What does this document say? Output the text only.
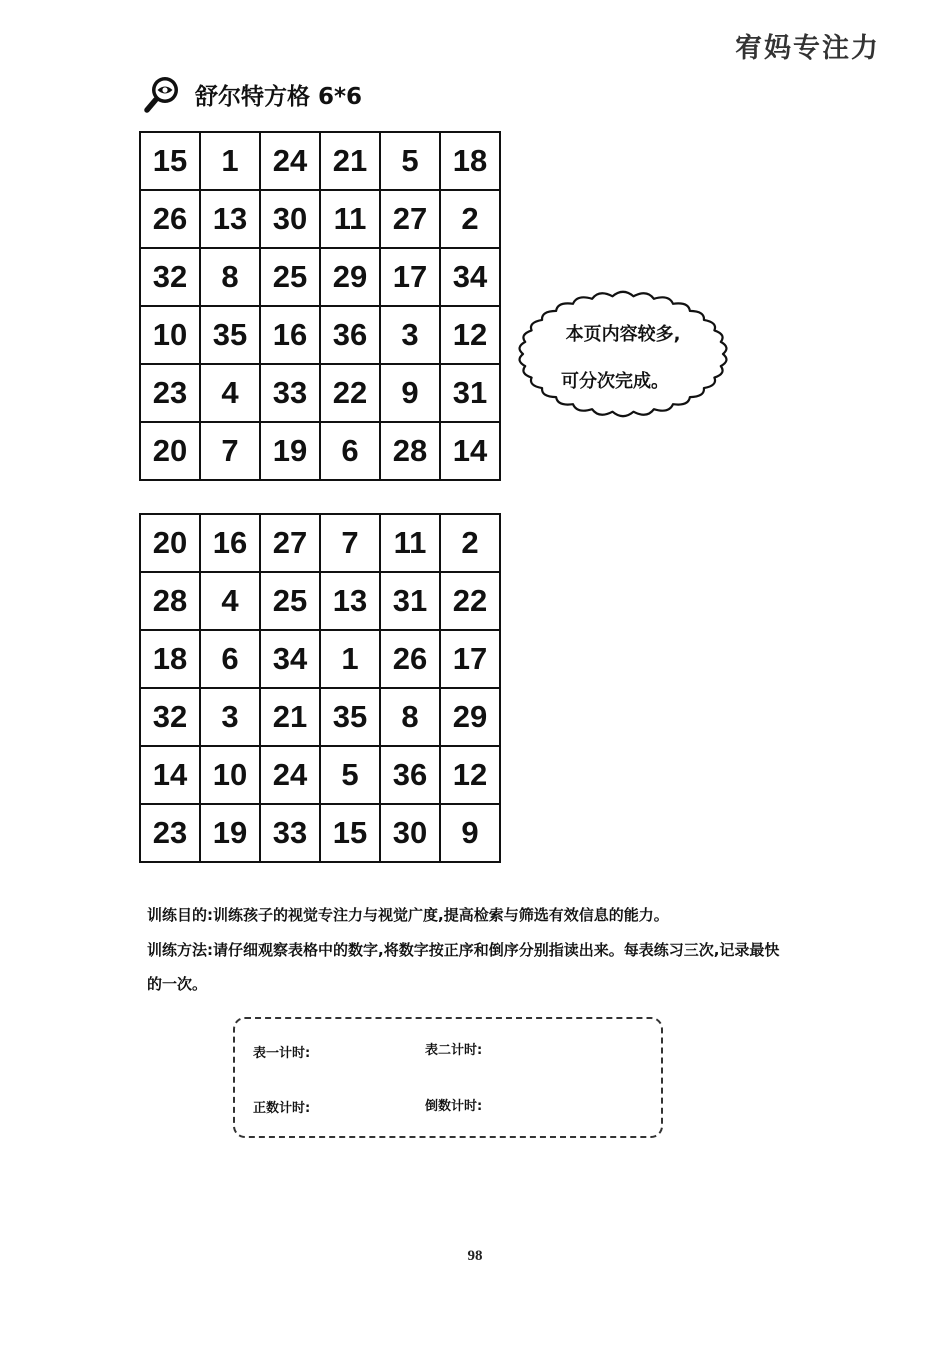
宥妈专注力
舒尔特方格 6*6
15	1	24	21	5	18
26	13	30	11	27	2
32	8	25	29	17	34
10	35	16	36	3	12
23	4	33	22	9	31
20	7	19	6	28	14
本页内容较多,
可分次完成。
20	16	27	7	11	2
28	4	25	13	31	22
18	6	34	1	26	17
32	3	21	35	8	29
14	10	24	5	36	12
23	19	33	15	30	9
训练目的:训练孩子的视觉专注力与视觉广度,提高检索与筛选有效信息的能力。
训练方法:请仔细观察表格中的数字,将数字按正序和倒序分别指读出来。每表练习三次,记录最快的一次。
表一计时:	表二计时:
正数计时:	倒数计时:
98
